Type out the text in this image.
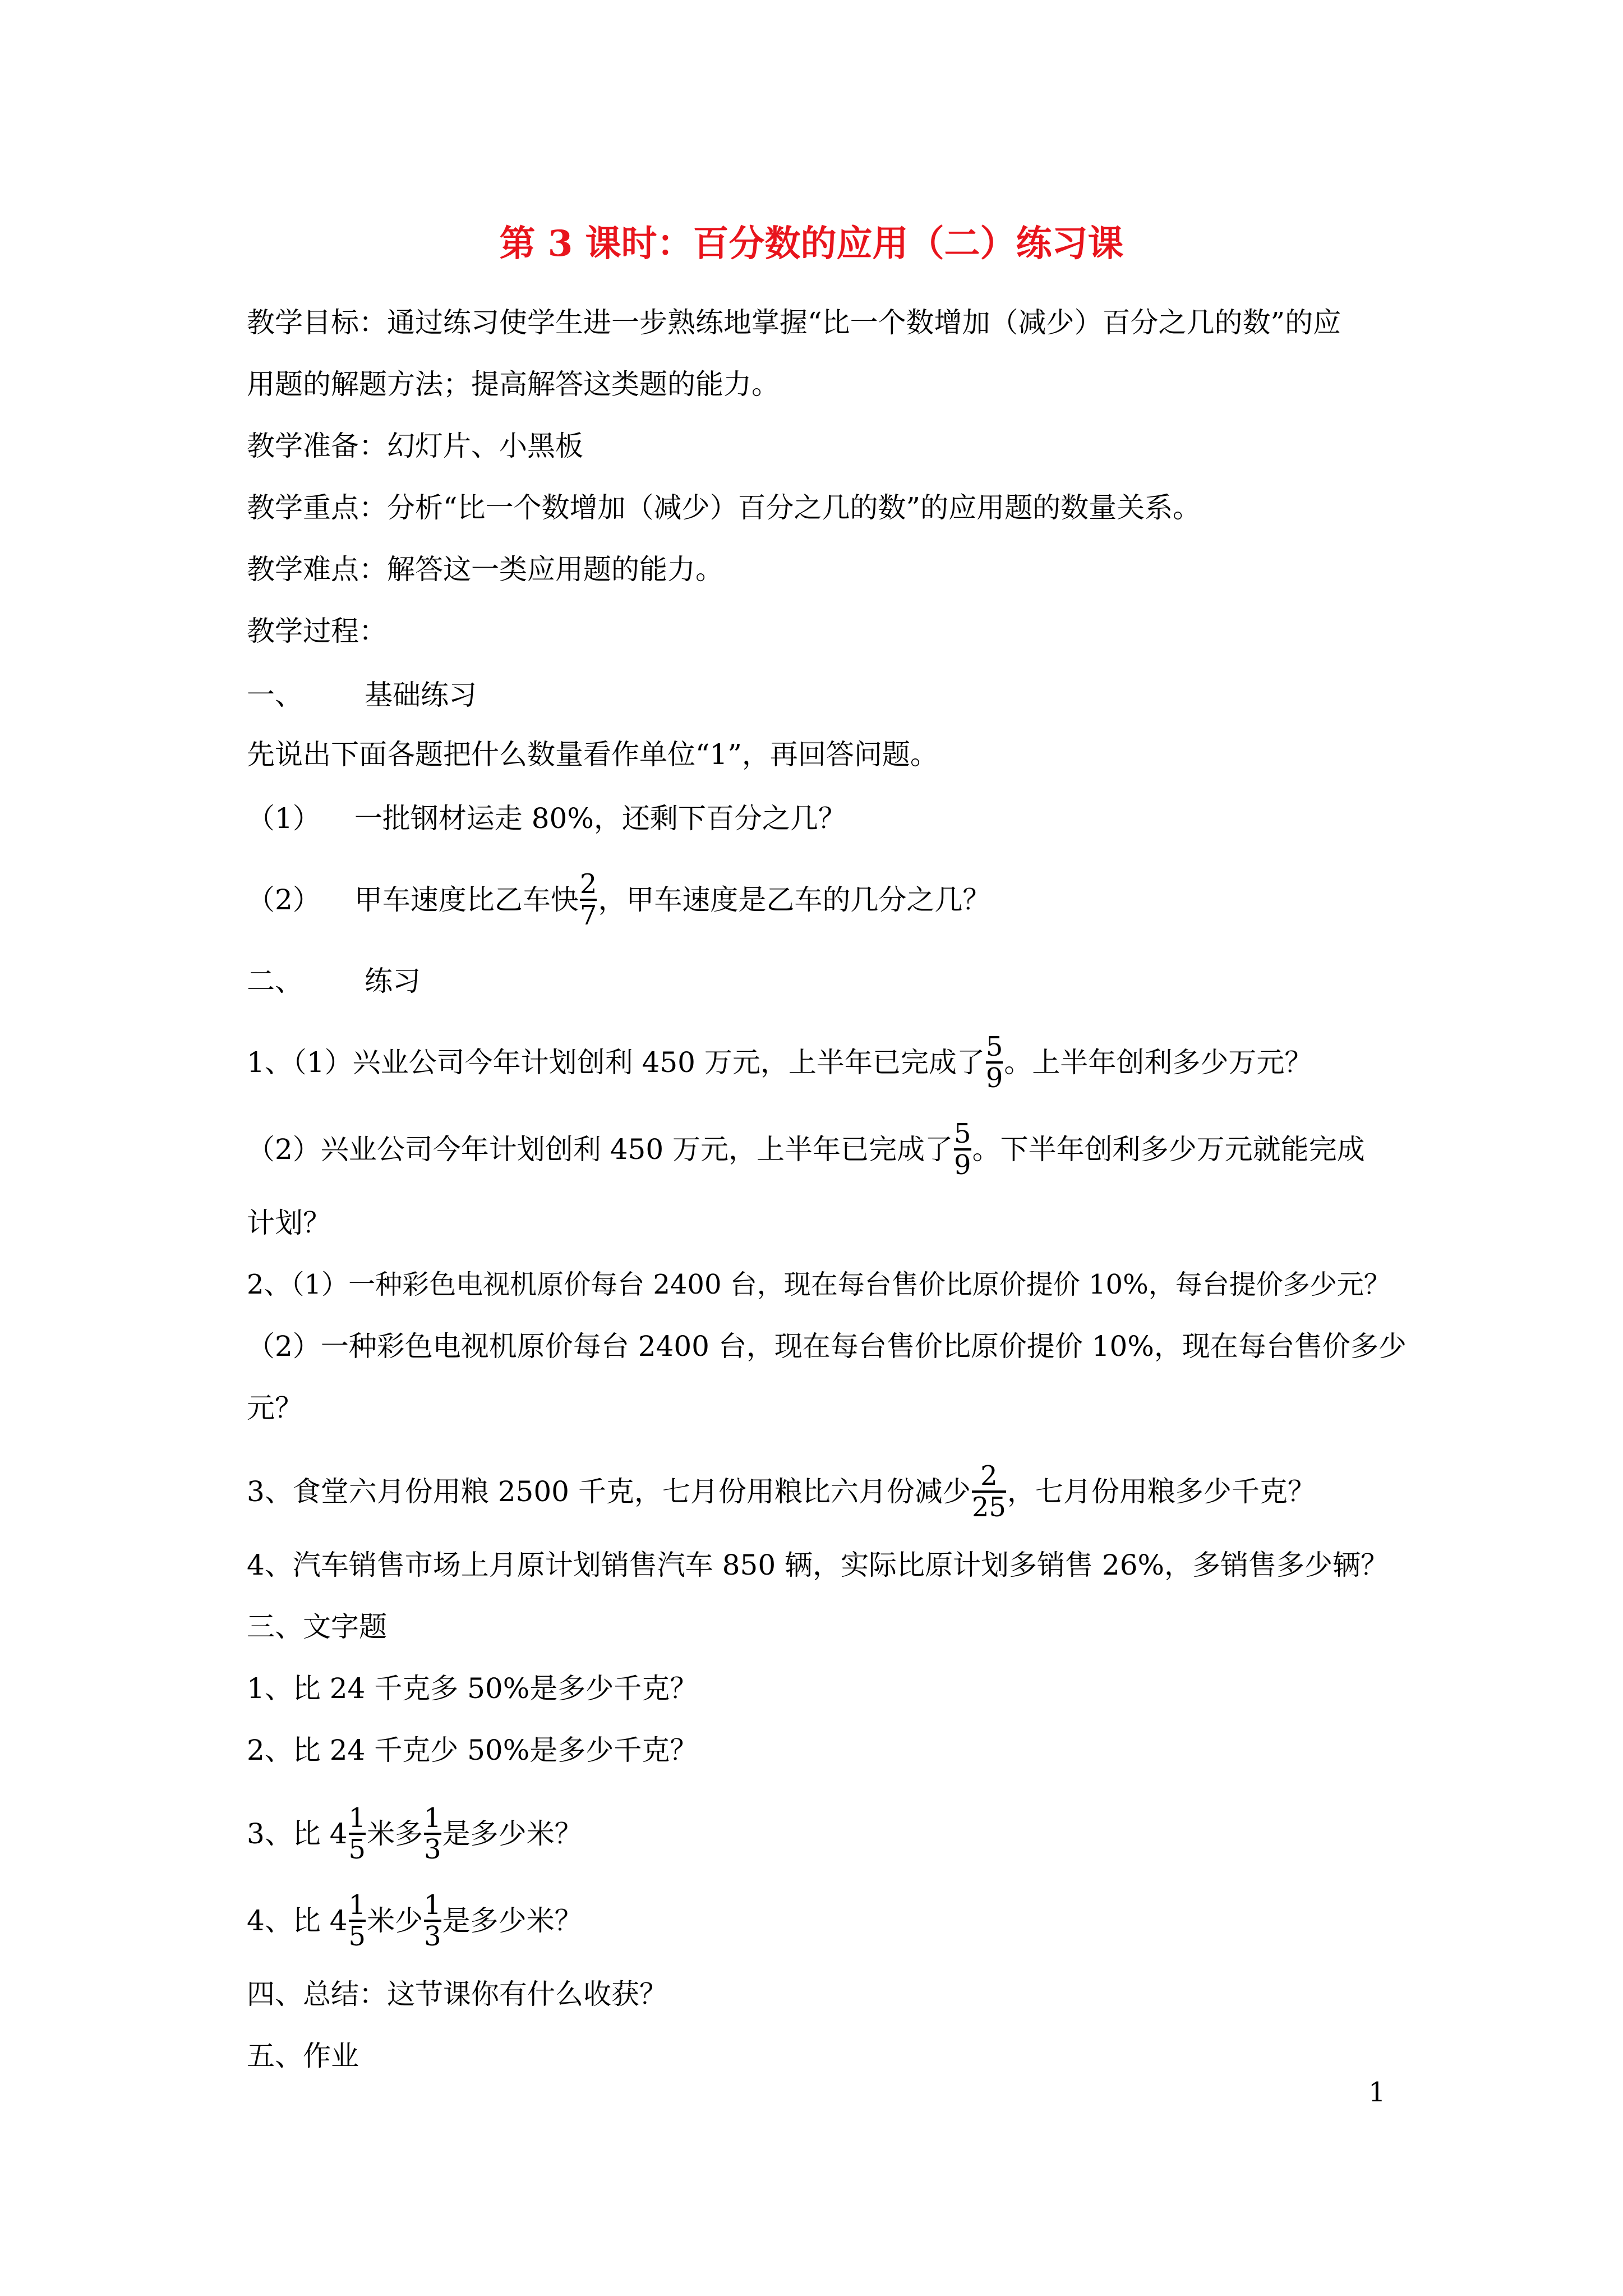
第 3 课时：百分数的应用（二）练习课
教学目标：通过练习使学生进一步熟练地掌握“比一个数增加（减少）百分之几的数”的应
用题的解题方法；提高解答这类题的能力。
教学准备：幻灯片、小黑板
教学重点：分析“比一个数增加（减少）百分之几的数”的应用题的数量关系。
教学难点：解答这一类应用题的能力。
教学过程：
一、 基础练习
先说出下面各题把什么数量看作单位“1”，再回答问题。
（1） 一批钢材运走 80%，还剩下百分之几？
（2） 甲车速度比乙车快 $\frac{2}{7}$ ，甲车速度是乙车的几分之几？
二、 练习
1、（1）兴业公司今年计划创利 450 万元，上半年已完成了 $\frac{5}{9}$ 。上半年创利多少万元？
（2）兴业公司今年计划创利 450 万元，上半年已完成了 $\frac{5}{9}$ 。下半年创利多少万元就能完成
计划？
2、（1）一种彩色电视机原价每台 2400 台，现在每台售价比原价提价 10%，每台提价多少元？
（2）一种彩色电视机原价每台 2400 台，现在每台售价比原价提价 10%，现在每台售价多少
元？
3、食堂六月份用粮 2500 千克，七月份用粮比六月份减少 $\frac{2}{25}$ ，七月份用粮多少千克？
4、汽车销售市场上月原计划销售汽车 850 辆，实际比原计划多销售 26%，多销售多少辆？
三、文字题
1、比 24 千克多 50%是多少千克？
2、比 24 千克少 50%是多少千克？
3、比 $4 \frac{1}{5}$ 米多 $\frac{1}{3}$ 是多少米？
4、比 $4 \frac{1}{5}$ 米少 $\frac{1}{3}$ 是多少米？
四、总结：这节课你有什么收获？
五、作业
1
